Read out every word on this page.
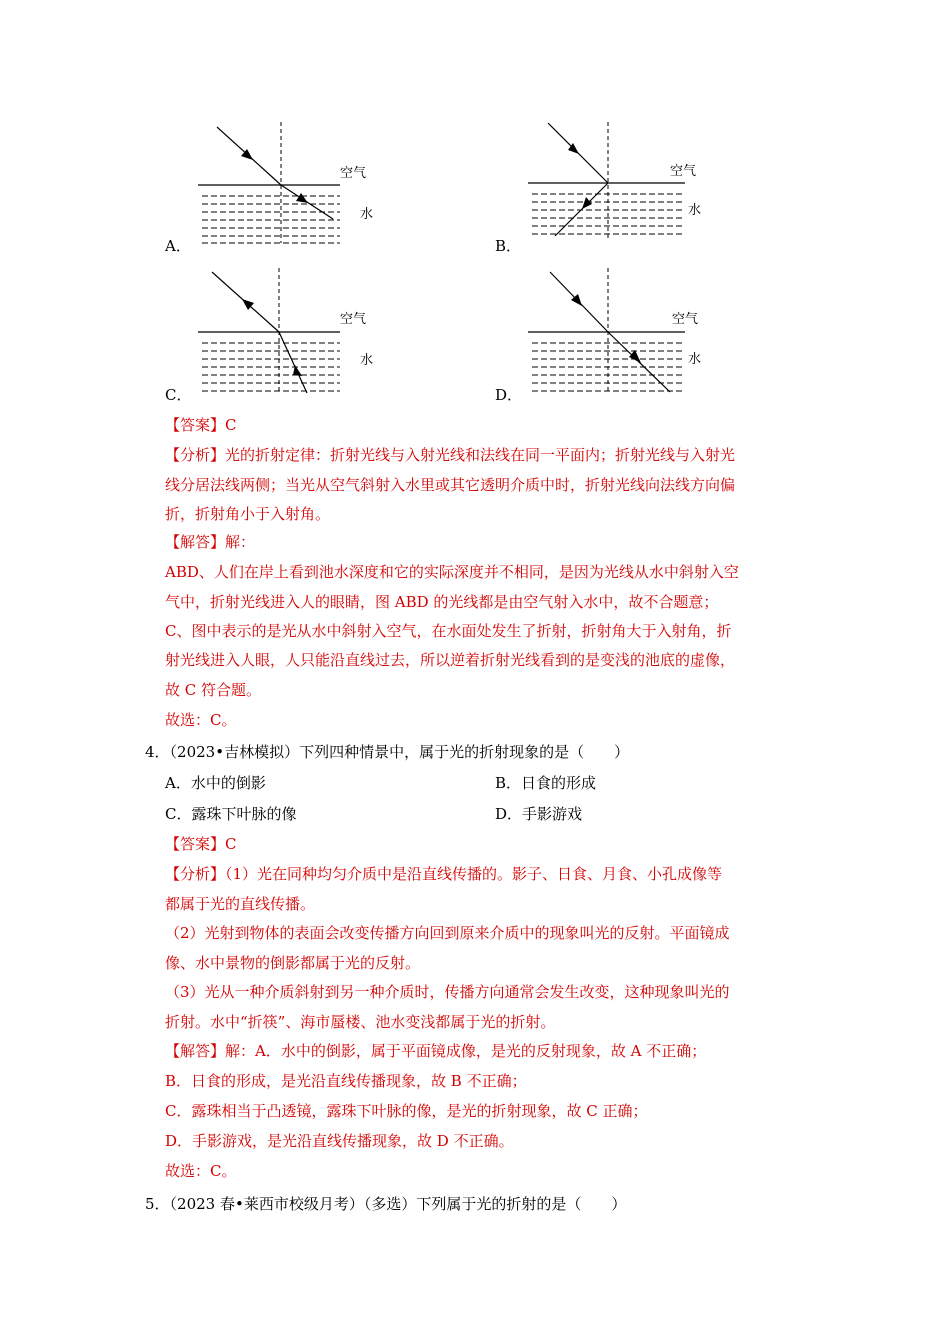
空气
水
A．
空气
水
B．
空气
水
C．
空气
水
D．
【答案】C
【分析】光的折射定律：折射光线与入射光线和法线在同一平面内；折射光线与入射光
线分居法线两侧；当光从空气斜射入水里或其它透明介质中时，折射光线向法线方向偏
折，折射角小于入射角。
【解答】解：
ABD、人们在岸上看到池水深度和它的实际深度并不相同，是因为光线从水中斜射入空
气中，折射光线进入人的眼睛，图 ABD 的光线都是由空气射入水中，故不合题意；
C、图中表示的是光从水中斜射入空气，在水面处发生了折射，折射角大于入射角，折
射光线进入人眼，人只能沿直线过去，所以逆着折射光线看到的是变浅的池底的虚像，
故 C 符合题。
故选：C。
4．（2023•吉林模拟）下列四种情景中，属于光的折射现象的是（　　）
A．水中的倒影	B．日食的形成
C．露珠下叶脉的像	D．手影游戏
【答案】C
【分析】（1）光在同种均匀介质中是沿直线传播的。影子、日食、月食、小孔成像等
都属于光的直线传播。
（2）光射到物体的表面会改变传播方向回到原来介质中的现象叫光的反射。平面镜成
像、水中景物的倒影都属于光的反射。
（3）光从一种介质斜射到另一种介质时，传播方向通常会发生改变，这种现象叫光的
折射。水中“折筷”、海市蜃楼、池水变浅都属于光的折射。
【解答】解：A．水中的倒影，属于平面镜成像，是光的反射现象，故 A 不正确；
B．日食的形成，是光沿直线传播现象，故 B 不正确；
C．露珠相当于凸透镜，露珠下叶脉的像，是光的折射现象，故 C 正确；
D．手影游戏，是光沿直线传播现象，故 D 不正确。
故选：C。
5．（2023 春•莱西市校级月考）（多选）下列属于光的折射的是（　　）
